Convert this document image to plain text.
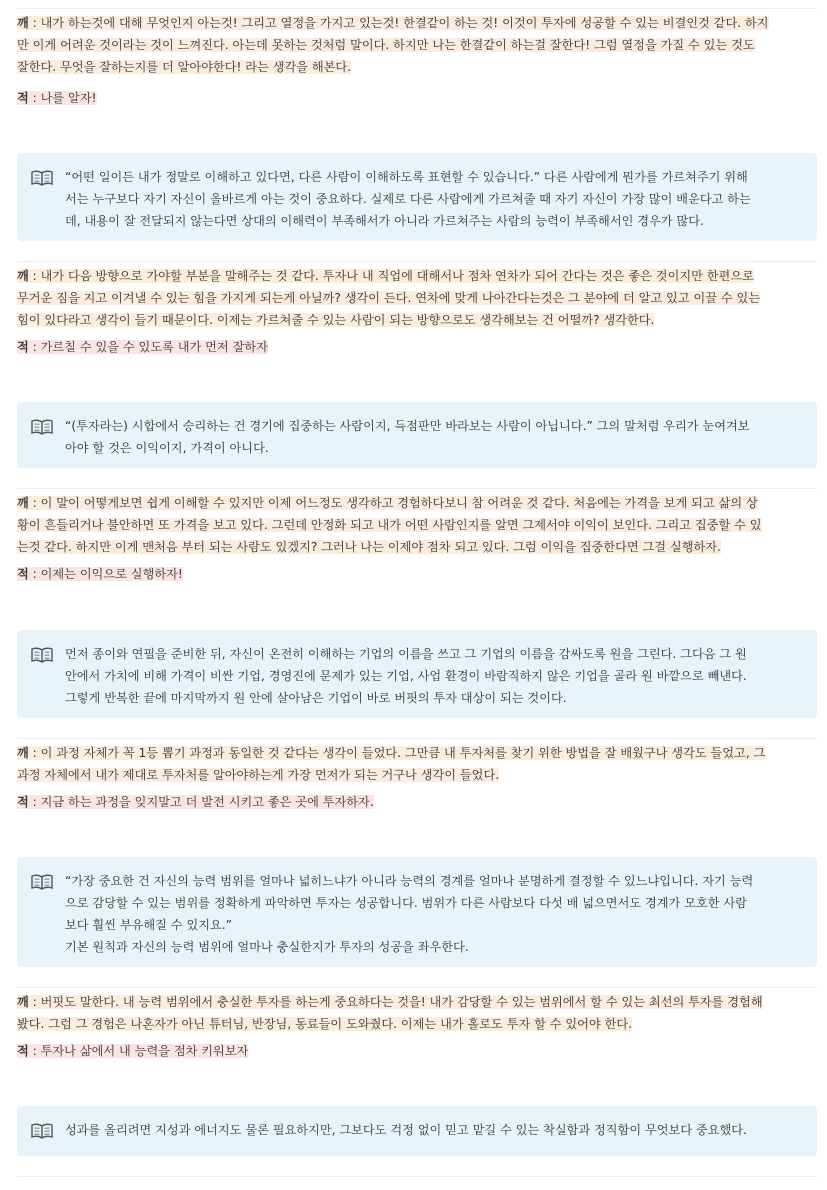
깨 : 내가 하는것에 대해 무엇인지 아는것! 그리고 열정을 가지고 있는것! 한결같이 하는 것! 이것이 투자에 성공할 수 있는 비결인것 같다. 하지

만 이게 어려운 것이라는 것이 느껴진다. 아는데 못하는 것처럼 말이다. 하지만 나는 한결같이 하는걸 잘한다! 그럼 열정을 가질 수 있는 것도

잘한다. 무엇을 잘하는지를 더 알아야한다! 라는 생각을 해본다.

적 : 나를 알자!

“어떤 일이든 내가 정말로 이해하고 있다면, 다른 사람이 이해하도록 표현할 수 있습니다.” 다른 사람에게 뭔가를 가르쳐주기 위해
서는 누구보다 자기 자신이 올바르게 아는 것이 중요하다. 실제로 다른 사람에게 가르쳐줄 때 자기 자신이 가장 많이 배운다고 하는
데, 내용이 잘 전달되지 않는다면 상대의 이해력이 부족해서가 아니라 가르쳐주는 사람의 능력이 부족해서인 경우가 많다.

깨 : 내가 다음 방향으로 가야할 부분을 말해주는 것 같다. 투자나 내 직업에 대해서나 점차 연차가 되어 간다는 것은 좋은 것이지만 한편으로

무거운 짐을 지고 이겨낼 수 있는 힘을 가지게 되는게 아닐까? 생각이 든다. 연차에 맞게 나아간다는것은 그 분야에 더 알고 있고 이끌 수 있는

힘이 있다라고 생각이 들기 때문이다. 이제는 가르쳐줄 수 있는 사람이 되는 방향으로도 생각해보는 건 어떨까? 생각한다.

적 : 가르칠 수 있을 수 있도록 내가 먼저 잘하자

“(투자라는) 시합에서 승리하는 건 경기에 집중하는 사람이지, 득점판만 바라보는 사람이 아닙니다.” 그의 말처럼 우리가 눈여겨보
아야 할 것은 이익이지, 가격이 아니다.

깨 : 이 말이 어떻게보면 쉽게 이해할 수 있지만 이제 어느정도 생각하고 경험하다보니 참 어려운 것 같다. 처음에는 가격을 보게 되고 삶의 상

황이 흔들리거나 불안하면 또 가격을 보고 있다. 그런데 안정화 되고 내가 어떤 사람인지를 알면 그제서야 이익이 보인다. 그리고 집중할 수 있

는것 같다. 하지만 이게 맨처음 부터 되는 사람도 있겠지? 그러나 나는 이제야 점차 되고 있다. 그럼 이익을 집중한다면 그걸 실행하자.

적 : 이제는 이익으로 실행하자!

먼저 종이와 연필을 준비한 뒤, 자신이 온전히 이해하는 기업의 이름을 쓰고 그 기업의 이름을 감싸도록 원을 그린다. 그다음 그 원
안에서 가치에 비해 가격이 비싼 기업, 경영진에 문제가 있는 기업, 사업 환경이 바람직하지 않은 기업을 골라 원 바깥으로 빼낸다.
그렇게 반복한 끝에 마지막까지 원 안에 살아남은 기업이 바로 버핏의 투자 대상이 되는 것이다.

깨 : 이 과정 자체가 꼭 1등 뽑기 과정과 동일한 것 같다는 생각이 들었다. 그만큼 내 투자처를 찾기 위한 방법을 잘 배웠구나 생각도 들었고, 그

과정 자체에서 내가 제대로 투자처를 알아야하는게 가장 먼저가 되는 거구나 생각이 들었다.

적 : 지금 하는 과정을 잊지말고 더 발전 시키고 좋은 곳에 투자하자.

“가장 중요한 건 자신의 능력 범위를 얼마나 넓히느냐가 아니라 능력의 경계를 얼마나 분명하게 결정할 수 있느냐입니다. 자기 능력
으로 감당할 수 있는 범위를 정확하게 파악하면 투자는 성공합니다. 범위가 다른 사람보다 다섯 배 넓으면서도 경계가 모호한 사람
보다 훨씬 부유해질 수 있지요.”
기본 원칙과 자신의 능력 범위에 얼마나 충실한지가 투자의 성공을 좌우한다.

깨 : 버핏도 말한다. 내 능력 범위에서 충실한 투자를 하는게 중요하다는 것을! 내가 감당할 수 있는 범위에서 할 수 있는 최선의 투자를 경험해

봤다. 그럼 그 경험은 나혼자가 아닌 튜터님, 반장님, 동료들이 도와줬다. 이제는 내가 홀로도 투자 할 수 있어야 한다.

적 : 투자나 삶에서 내 능력을 점차 키워보자

성과를 올리려면 지성과 에너지도 물론 필요하지만, 그보다도 걱정 없이 믿고 맡길 수 있는 착실함과 정직함이 무엇보다 중요했다.
